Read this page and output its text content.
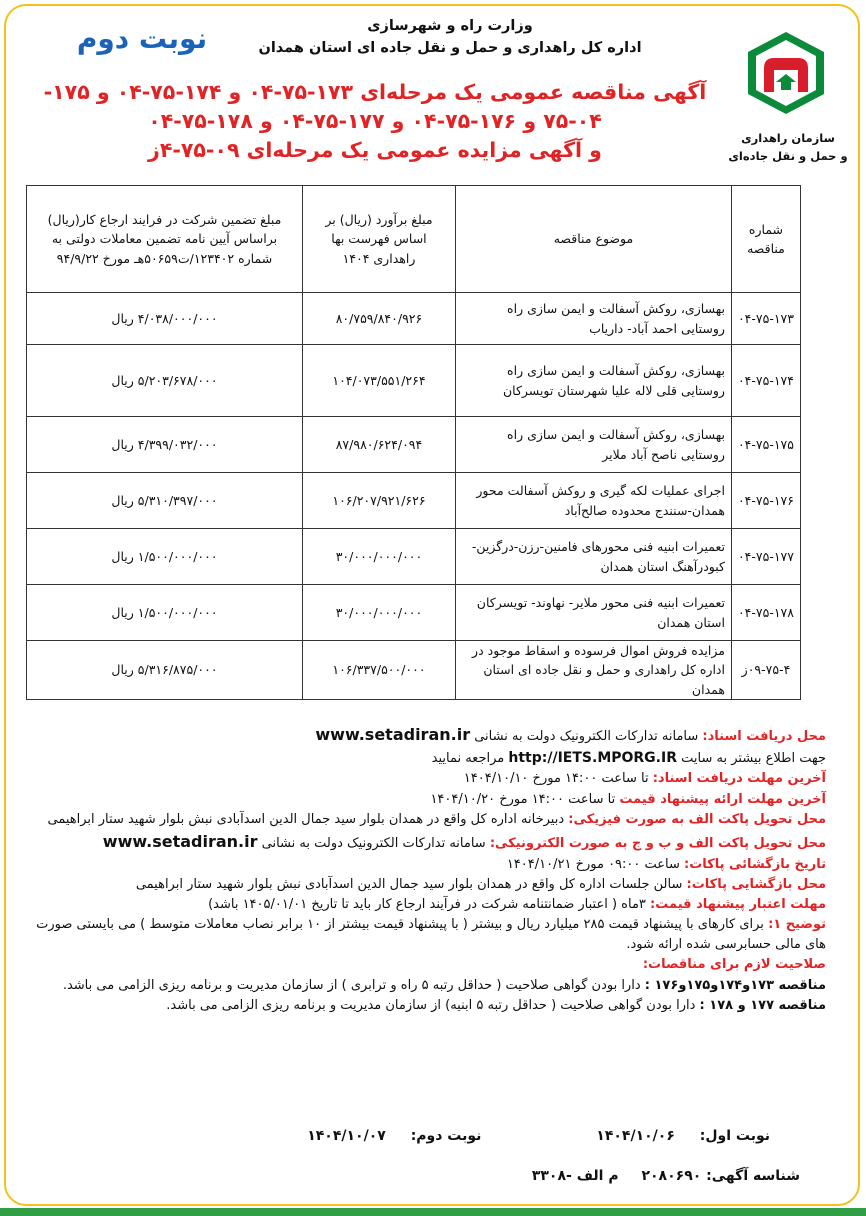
سازمان راهداری
و حمل و نقل جاده‌ای
نوبت دوم	وزارت راه و شهرسازی
اداره کل راهداری و حمل و نقل جاده ای استان همدان
آگهی مناقصه عمومی یک مرحله‌ای ۱۷۳-۷۵-۰۴ و ۱۷۴-۷۵-۰۴ و ۱۷۵-
۷۵-۰۴ و ۱۷۶-۷۵-۰۴ و ۱۷۷-۷۵-۰۴ و ۱۷۸-۷۵-۰۴
و آگهی مزایده عمومی یک مرحله‌ای ۰۹-۷۵-۴ز
شماره مناقصه	موضوع مناقصه	مبلغ برآورد (ریال) بر اساس فهرست بها راهداری ۱۴۰۴	مبلغ تضمین شرکت در فرایند ارجاع کار(ریال) براساس آیین نامه تضمین معاملات دولتی به شماره ۱۲۳۴۰۲/ت۵۰۶۵۹هـ مورخ ۹۴/۹/۲۲
۰۴-۷۵-۱۷۳	بهسازی، روکش آسفالت و ایمن سازی راه روستایی احمد آباد- داریاب	۸۰/۷۵۹/۸۴۰/۹۲۶	۴/۰۳۸/۰۰۰/۰۰۰ ریال
۰۴-۷۵-۱۷۴	بهسازی، روکش آسفالت و ایمن سازی راه روستایی قلی لاله علیا شهرستان تویسرکان	۱۰۴/۰۷۳/۵۵۱/۲۶۴	۵/۲۰۳/۶۷۸/۰۰۰ ریال
۰۴-۷۵-۱۷۵	بهسازی، روکش آسفالت و ایمن سازی راه روستایی ناصح آباد ملایر	۸۷/۹۸۰/۶۲۴/۰۹۴	۴/۳۹۹/۰۳۲/۰۰۰ ریال
۰۴-۷۵-۱۷۶	اجرای عملیات لکه گیری و روکش آسفالت محور همدان-سنندج محدوده صالح‌آباد	۱۰۶/۲۰۷/۹۲۱/۶۲۶	۵/۳۱۰/۳۹۷/۰۰۰ ریال
۰۴-۷۵-۱۷۷	تعمیرات ابنیه فنی محورهای فامنین-رزن-درگزین-کبودرآهنگ استان همدان	۳۰/۰۰۰/۰۰۰/۰۰۰	۱/۵۰۰/۰۰۰/۰۰۰ ریال
۰۴-۷۵-۱۷۸	تعمیرات ابنیه فنی محور ملایر- نهاوند- تویسرکان استان همدان	۳۰/۰۰۰/۰۰۰/۰۰۰	۱/۵۰۰/۰۰۰/۰۰۰ ریال
۰۹-۷۵-۴ز	مزایده فروش اموال فرسوده و اسقاط موجود در اداره کل راهداری و حمل و نقل جاده ای استان همدان	۱۰۶/۳۳۷/۵۰۰/۰۰۰	۵/۳۱۶/۸۷۵/۰۰۰ ریال

محل دریافت اسناد: سامانه تدارکات الکترونیک دولت به نشانی www.setadiran.ir

جهت اطلاع بیشتر به سایت http://IETS.MPORG.IR مراجعه نمایید

آخرین مهلت دریافت اسناد: تا ساعت ۱۴:۰۰ مورخ ۱۴۰۴/۱۰/۱۰

آخرین مهلت ارائه پیشنهاد قیمت تا ساعت ۱۴:۰۰ مورخ ۱۴۰۴/۱۰/۲۰

محل تحویل پاکت الف به صورت فیزیکی: دبیرخانه اداره کل واقع در همدان بلوار سید جمال الدین اسدآبادی نبش بلوار شهید ستار ابراهیمی

محل تحویل پاکت الف و ب و ج به صورت الکترونیکی: سامانه تدارکات الکترونیک دولت به نشانی www.setadiran.ir

تاریخ بازگشائی پاکات: ساعت ۰۹:۰۰ مورخ ۱۴۰۴/۱۰/۲۱

محل بازگشایی پاکات: سالن جلسات اداره کل واقع در همدان بلوار سید جمال الدین اسدآبادی نبش بلوار شهید ستار ابراهیمی

مهلت اعتبار پیشنهاد قیمت: ۳ماه ( اعتبار ضمانتنامه شرکت در فرآیند ارجاع کار باید تا تاریخ ۱۴۰۵/۰۱/۰۱ باشد)

توضیح ۱: برای کارهای با پیشنهاد قیمت ۲۸۵ میلیارد ریال و بیشتر ( با پیشنهاد قیمت بیشتر از ۱۰ برابر نصاب معاملات متوسط ) می بایستی صورت های مالی حسابرسی شده ارائه شود.

صلاحیت لازم برای مناقصات:

مناقصه ۱۷۳و۱۷۴و۱۷۵و۱۷۶ : دارا بودن گواهی صلاحیت ( حداقل رتبه ۵ راه و ترابری ) از سازمان مدیریت و برنامه ریزی الزامی می باشد.

مناقصه ۱۷۷ و ۱۷۸ : دارا بودن گواهی صلاحیت ( حداقل رتبه ۵ ابنیه) از سازمان مدیریت و برنامه ریزی الزامی می باشد.

نوبت اول: ۱۴۰۴/۱۰/۰۶ نوبت دوم: ۱۴۰۴/۱۰/۰۷
شناسه آگهی: ۲۰۸۰۶۹۰ م الف -۳۳۰۸
